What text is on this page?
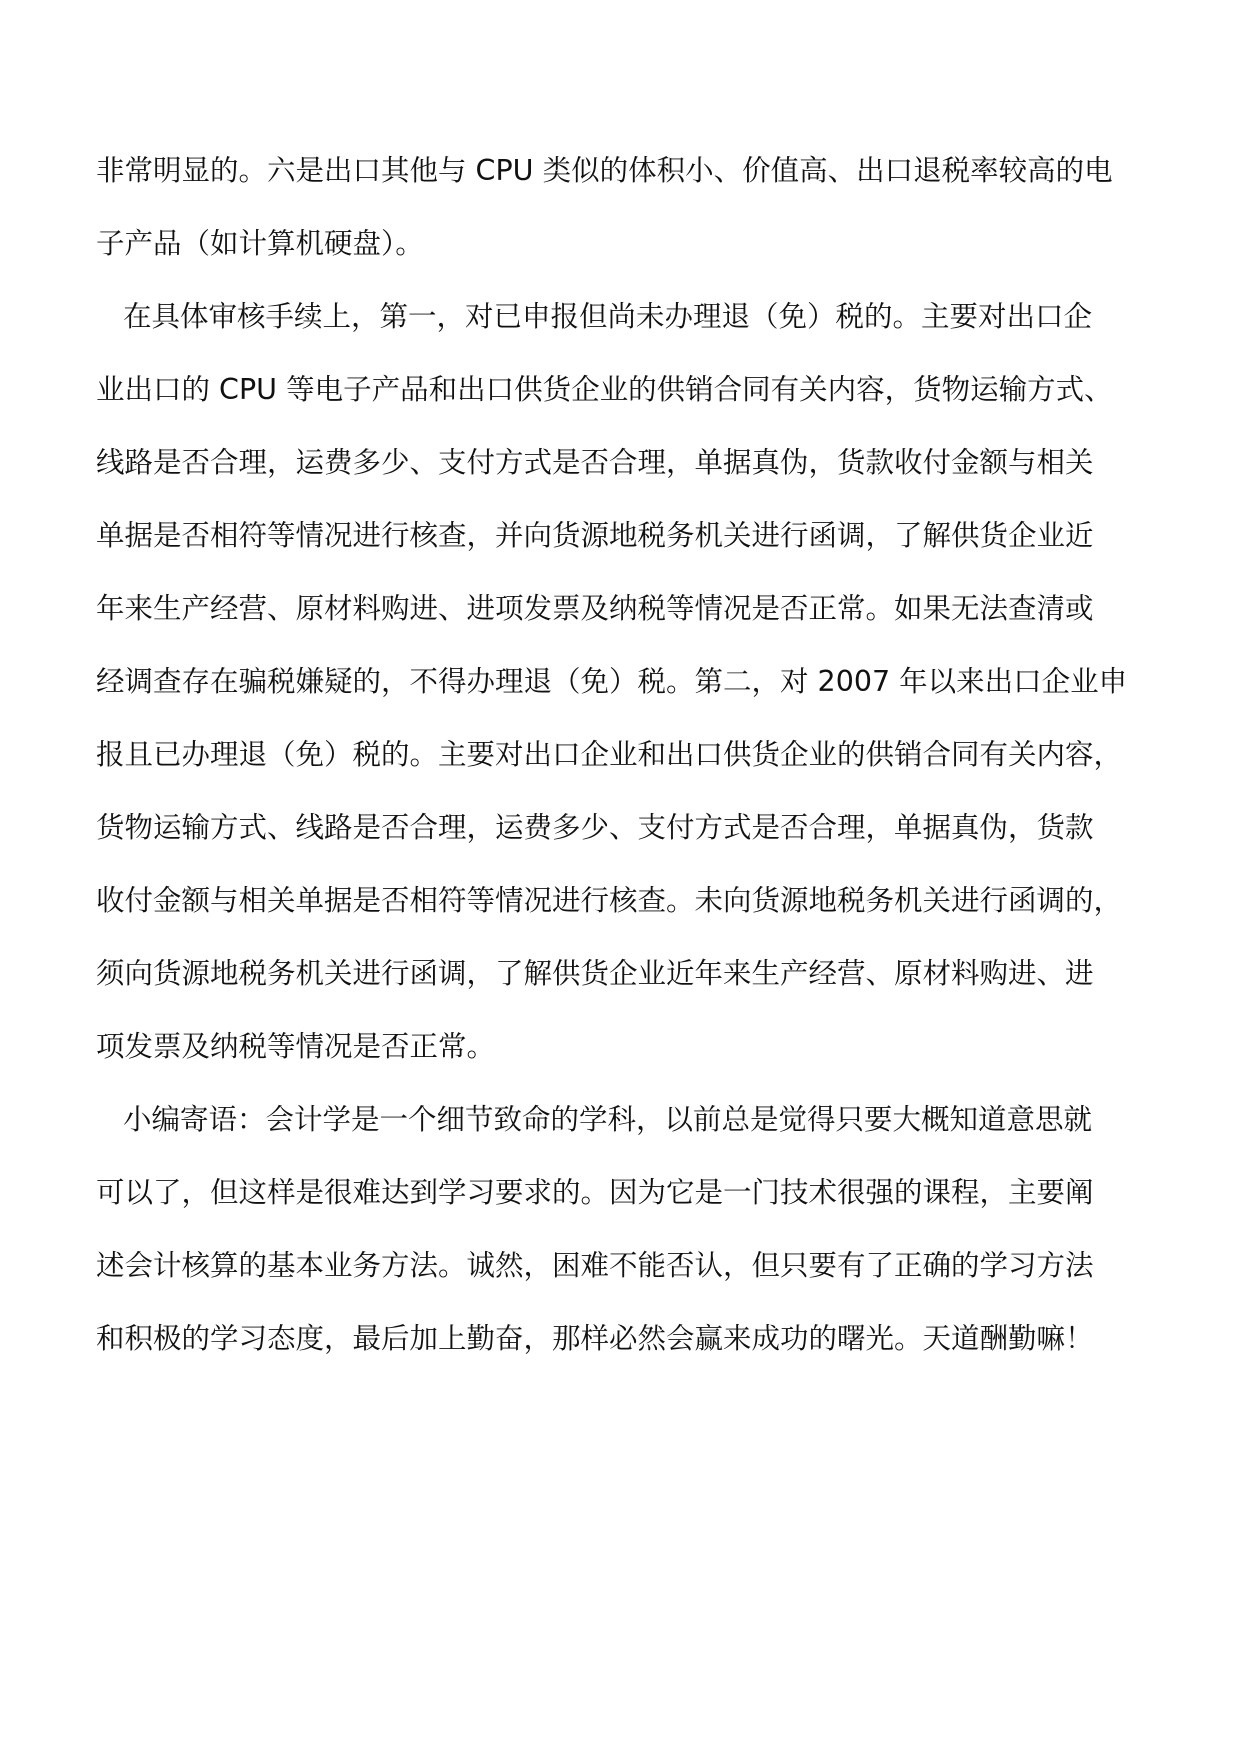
非常明显的。六是出口其他与 CPU 类似的体积小、价值高、出口退税率较高的电
子产品（如计算机硬盘）。
在具体审核手续上，第一，对已申报但尚未办理退（免）税的。主要对出口企
业出口的 CPU 等电子产品和出口供货企业的供销合同有关内容，货物运输方式、
线路是否合理，运费多少、支付方式是否合理，单据真伪，货款收付金额与相关
单据是否相符等情况进行核查，并向货源地税务机关进行函调，了解供货企业近
年来生产经营、原材料购进、进项发票及纳税等情况是否正常。如果无法查清或
经调查存在骗税嫌疑的，不得办理退（免）税。第二，对 2007 年以来出口企业申
报且已办理退（免）税的。主要对出口企业和出口供货企业的供销合同有关内容，
货物运输方式、线路是否合理，运费多少、支付方式是否合理，单据真伪，货款
收付金额与相关单据是否相符等情况进行核查。未向货源地税务机关进行函调的，
须向货源地税务机关进行函调，了解供货企业近年来生产经营、原材料购进、进
项发票及纳税等情况是否正常。
小编寄语：会计学是一个细节致命的学科，以前总是觉得只要大概知道意思就
可以了，但这样是很难达到学习要求的。因为它是一门技术很强的课程，主要阐
述会计核算的基本业务方法。诚然，困难不能否认，但只要有了正确的学习方法
和积极的学习态度，最后加上勤奋，那样必然会赢来成功的曙光。天道酬勤嘛！
